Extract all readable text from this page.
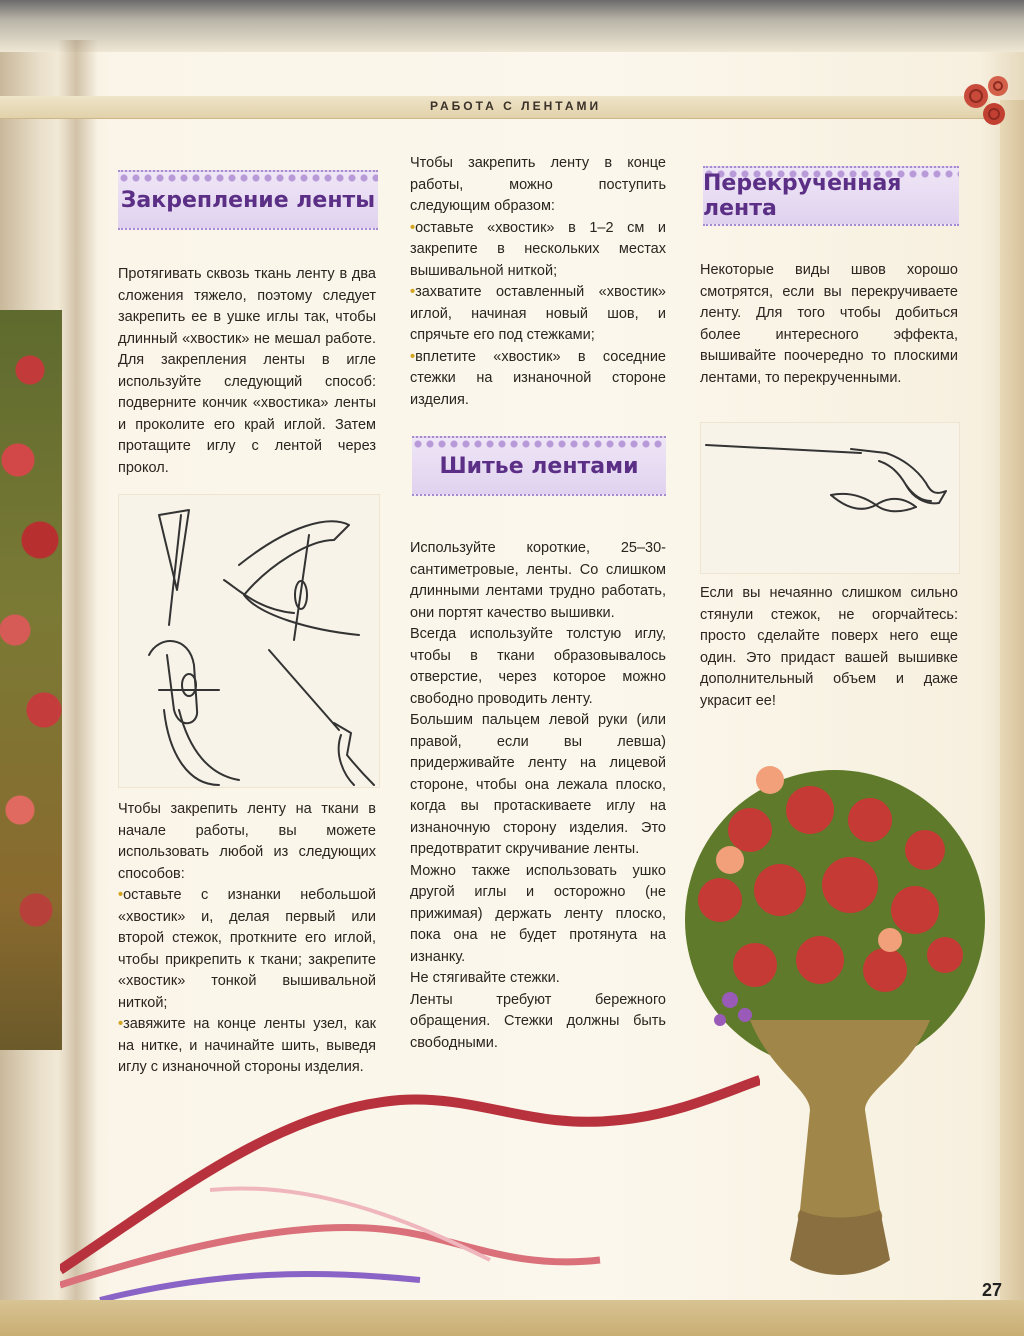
РАБОТА С ЛЕНТАМИ
Закрепление ленты

Протягивать сквозь ткань ленту в два сложения тяжело, поэтому следует закрепить ее в ушке иглы так, чтобы длинный «хвостик» не мешал работе. Для закрепления ленты в игле используйте следующий способ: подверните кончик «хвостика» ленты и проколите его край иглой. Затем протащите иглу с лентой через прокол.

Чтобы закрепить ленту на ткани в начале работы, вы можете использовать любой из следующих способов:

• оставьте с изнанки небольшой «хвостик» и, делая первый или второй стежок, проткните его иглой, чтобы прикрепить к ткани; закрепите «хвостик» тонкой вышивальной ниткой;

• завяжите на конце ленты узел, как на нитке, и начинайте шить, выведя иглу с изнаночной стороны изделия.

Чтобы закрепить ленту в конце работы, можно поступить следующим образом:

• оставьте «хвостик» в 1–2 см и закрепите в нескольких местах вышивальной ниткой;

• захватите оставленный «хвостик» иглой, начиная новый шов, и спрячьте его под стежками;

• вплетите «хвостик» в соседние стежки на изнаночной стороне изделия.

Шитье лентами

Используйте короткие, 25–30-сантиметровые, ленты. Со слишком длинными лентами трудно работать, они портят качество вышивки.

Всегда используйте толстую иглу, чтобы в ткани образовывалось отверстие, через которое можно свободно проводить ленту.

Большим пальцем левой руки (или правой, если вы левша) придерживайте ленту на лицевой стороне, чтобы она лежала плоско, когда вы протаскиваете иглу на изнаночную сторону изделия. Это предотвратит скручивание ленты.

Можно также использовать ушко другой иглы и осторожно (не прижимая) держать ленту плоско, пока она не будет протянута на изнанку.

Не стягивайте стежки.

Ленты требуют бережного обращения. Стежки должны быть свободными.

Перекрученная лента

Некоторые виды швов хорошо смотрятся, если вы перекручиваете ленту. Для того чтобы добиться более интересного эффекта, вышивайте поочередно то плоскими лентами, то перекрученными.

Если вы нечаянно слишком сильно стянули стежок, не огорчайтесь: просто сделайте поверх него еще один. Это придаст вашей вышивке дополнительный объем и даже украсит ее!

27
